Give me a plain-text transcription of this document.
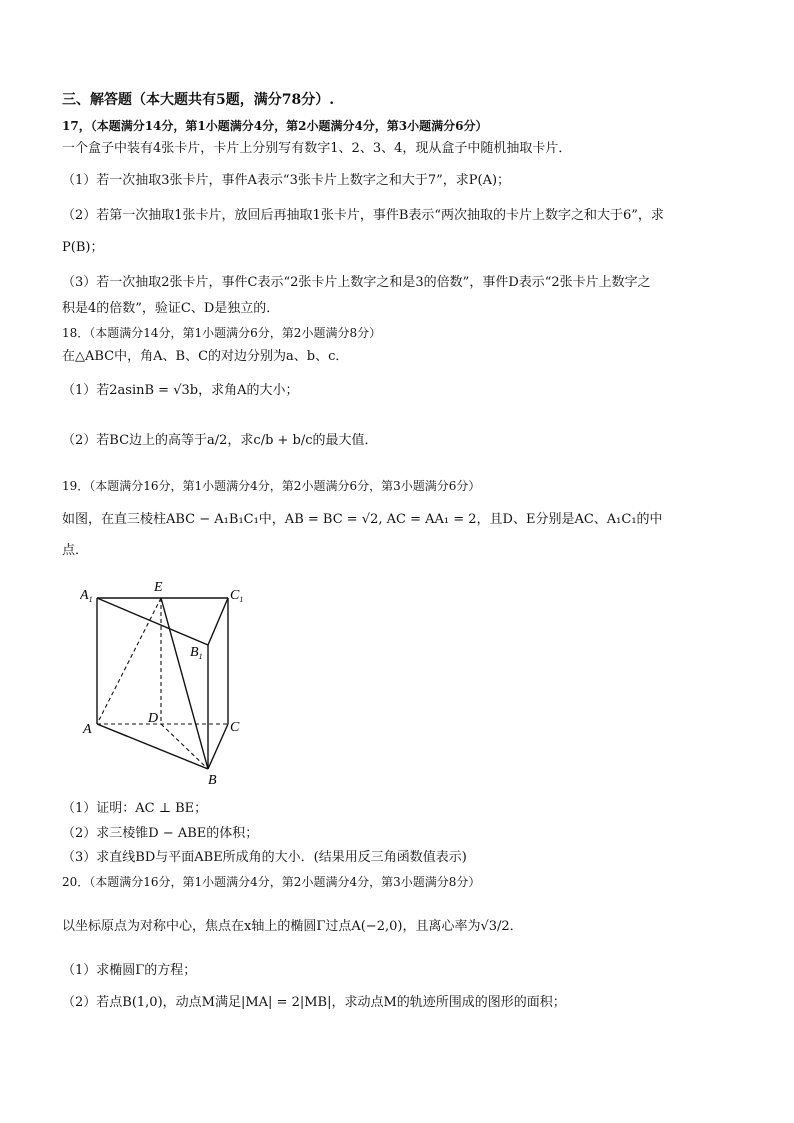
三、解答题（本大题共有5题，满分78分）.
17，（本题满分14分，第1小题满分4分，第2小题满分4分，第3小题满分6分）
一个盒子中装有4张卡片，卡片上分别写有数字1、2、3、4，现从盒子中随机抽取卡片．
（1）若一次抽取3张卡片，事件A表示“3张卡片上数字之和大于7”，求P(A)；
（2）若第一次抽取1张卡片，放回后再抽取1张卡片，事件B表示“两次抽取的卡片上数字之和大于6”，求
P(B)；
（3）若一次抽取2张卡片，事件C表示“2张卡片上数字之和是3的倍数”，事件D表示“2张卡片上数字之
积是4的倍数”，验证C、D是独立的．
18．（本题满分14分，第1小题满分6分，第2小题满分8分）
在△ABC中，角A、B、C的对边分别为a、b、c．
（1）若2asinB = √3b，求角A的大小；
（2）若BC边上的高等于a/2，求c/b + b/c的最大值．
19．（本题满分16分，第1小题满分4分，第2小题满分6分，第3小题满分6分）
如图，在直三棱柱ABC − A₁B₁C₁中，AB = BC = √2, AC = AA₁ = 2，且D、E分别是AC、A₁C₁的中
点．
$A_1$
E
$C_1$
$B_1$
A
D
C
B
（1）证明：AC ⊥ BE；
（2）求三棱锥D − ABE的体积；
（3）求直线BD与平面ABE所成角的大小．(结果用反三角函数值表示)
20．（本题满分16分，第1小题满分4分，第2小题满分4分，第3小题满分8分）
以坐标原点为对称中心，焦点在x轴上的椭圆Γ过点A(−2,0)，且离心率为√3/2．
（1）求椭圆Γ的方程；
（2）若点B(1,0)，动点M满足|MA| = 2|MB|，求动点M的轨迹所围成的图形的面积；
